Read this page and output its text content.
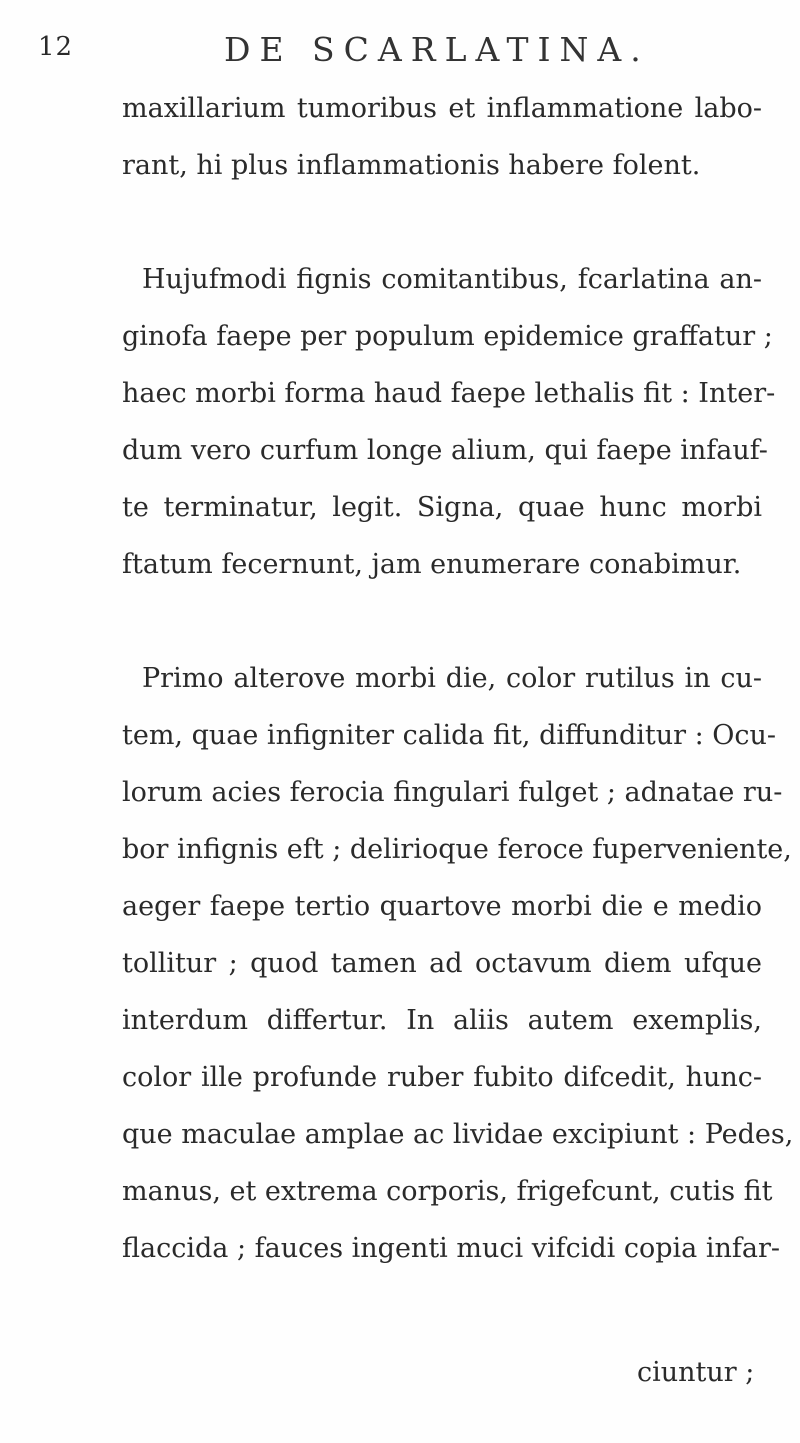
12	DE SCARLATINA.
maxillarium tumoribus et inflammatione labo-
rant, hi plus inflammationis habere folent.
Hujufmodi fignis comitantibus, fcarlatina an-
ginofa faepe per populum epidemice graffatur ;
haec morbi forma haud faepe lethalis fit : Inter-
dum vero curfum longe alium, qui faepe infauf-
te terminatur, legit. Signa, quae hunc morbi
ftatum fecernunt, jam enumerare conabimur.
Primo alterove morbi die, color rutilus in cu-
tem, quae infigniter calida fit, diffunditur : Ocu-
lorum acies ferocia fingulari fulget ; adnatae ru-
bor infignis eft ; delirioque feroce fuperveniente,
aeger faepe tertio quartove morbi die e medio
tollitur ; quod tamen ad octavum diem ufque
interdum differtur. In aliis autem exemplis,
color ille profunde ruber fubito difcedit, hunc-
que maculae amplae ac lividae excipiunt : Pedes,
manus, et extrema corporis, frigefcunt, cutis fit
flaccida ; fauces ingenti muci vifcidi copia infar-
ciuntur ;
